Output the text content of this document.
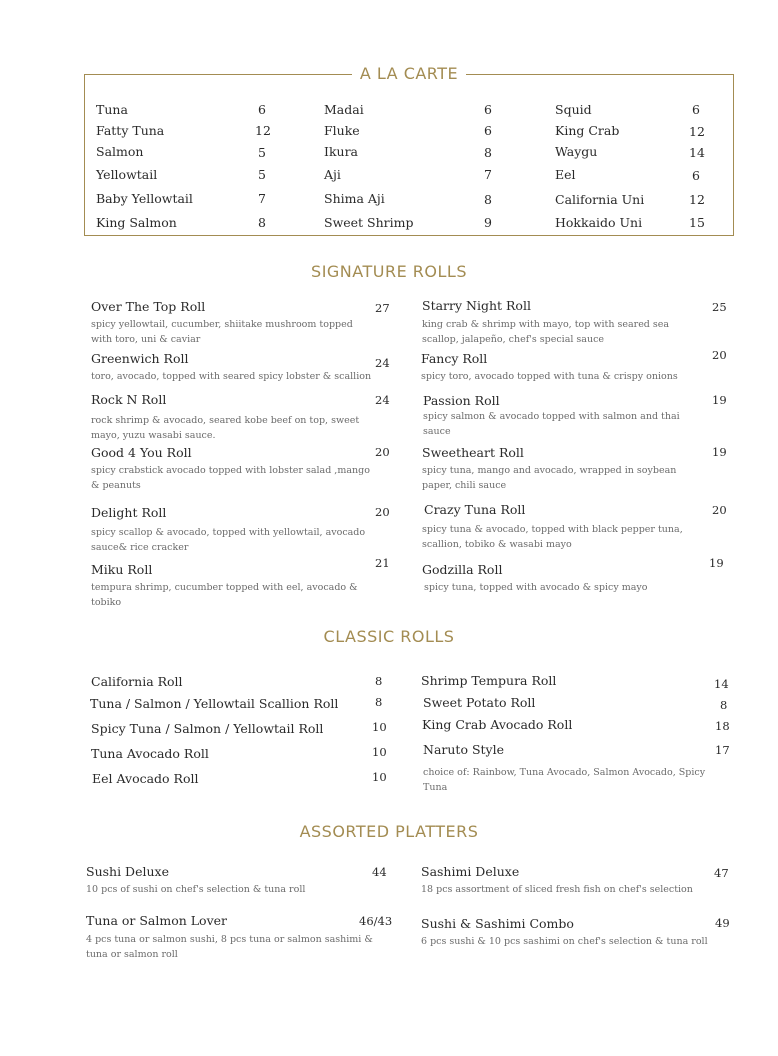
A LA CARTE
Tuna	6
Fatty Tuna	12
Salmon	5
Yellowtail	5
Baby Yellowtail	7
King Salmon	8
Madai	6
Fluke	6
Ikura	8
Aji	7
Shima Aji	8
Sweet Shrimp	9
Squid	6
King Crab	12
Waygu	14
Eel	6
California Uni	12
Hokkaido Uni	15
SIGNATURE ROLLS
Over The Top Roll	27
spicy yellowtail, cucumber, shiitake mushroom topped with toro, uni & caviar
Greenwich Roll	24
toro, avocado, topped with seared spicy lobster & scallion
Rock N Roll	24
rock shrimp & avocado, seared kobe beef on top, sweet mayo, yuzu wasabi sauce.
Good 4 You Roll	20
spicy crabstick avocado topped with lobster salad ,mango & peanuts
Delight Roll	20
spicy scallop & avocado, topped with yellowtail, avocado sauce& rice cracker
Miku Roll	21
tempura shrimp, cucumber topped with eel, avocado & tobiko
Starry Night Roll	25
king crab & shrimp with mayo, top with seared sea scallop, jalapeño, chef's special sauce
Fancy Roll	20
spicy toro, avocado topped with tuna & crispy onions
Passion Roll	19
spicy salmon & avocado topped with salmon and thai sauce
Sweetheart Roll	19
spicy tuna, mango and avocado, wrapped in soybean paper, chili sauce
Crazy Tuna Roll	20
spicy tuna & avocado, topped with black pepper tuna, scallion, tobiko & wasabi mayo
Godzilla Roll	19
spicy tuna, topped with avocado & spicy mayo
CLASSIC ROLLS
California Roll	8
Tuna / Salmon / Yellowtail Scallion Roll	8
Spicy Tuna / Salmon / Yellowtail Roll	10
Tuna Avocado Roll	10
Eel Avocado Roll	10
Shrimp Tempura Roll	14
Sweet Potato Roll	8
King Crab Avocado Roll	18
Naruto Style	17
choice of: Rainbow, Tuna Avocado, Salmon Avocado, Spicy Tuna
ASSORTED PLATTERS
Sushi Deluxe	44
10 pcs of sushi on chef's selection & tuna roll
Tuna or Salmon Lover	46/43
4 pcs tuna or salmon sushi, 8 pcs tuna or salmon sashimi & tuna or salmon roll
Sashimi Deluxe	47
18 pcs assortment of sliced fresh fish on chef's selection
Sushi & Sashimi Combo	49
6 pcs sushi & 10 pcs sashimi on chef's selection & tuna roll
